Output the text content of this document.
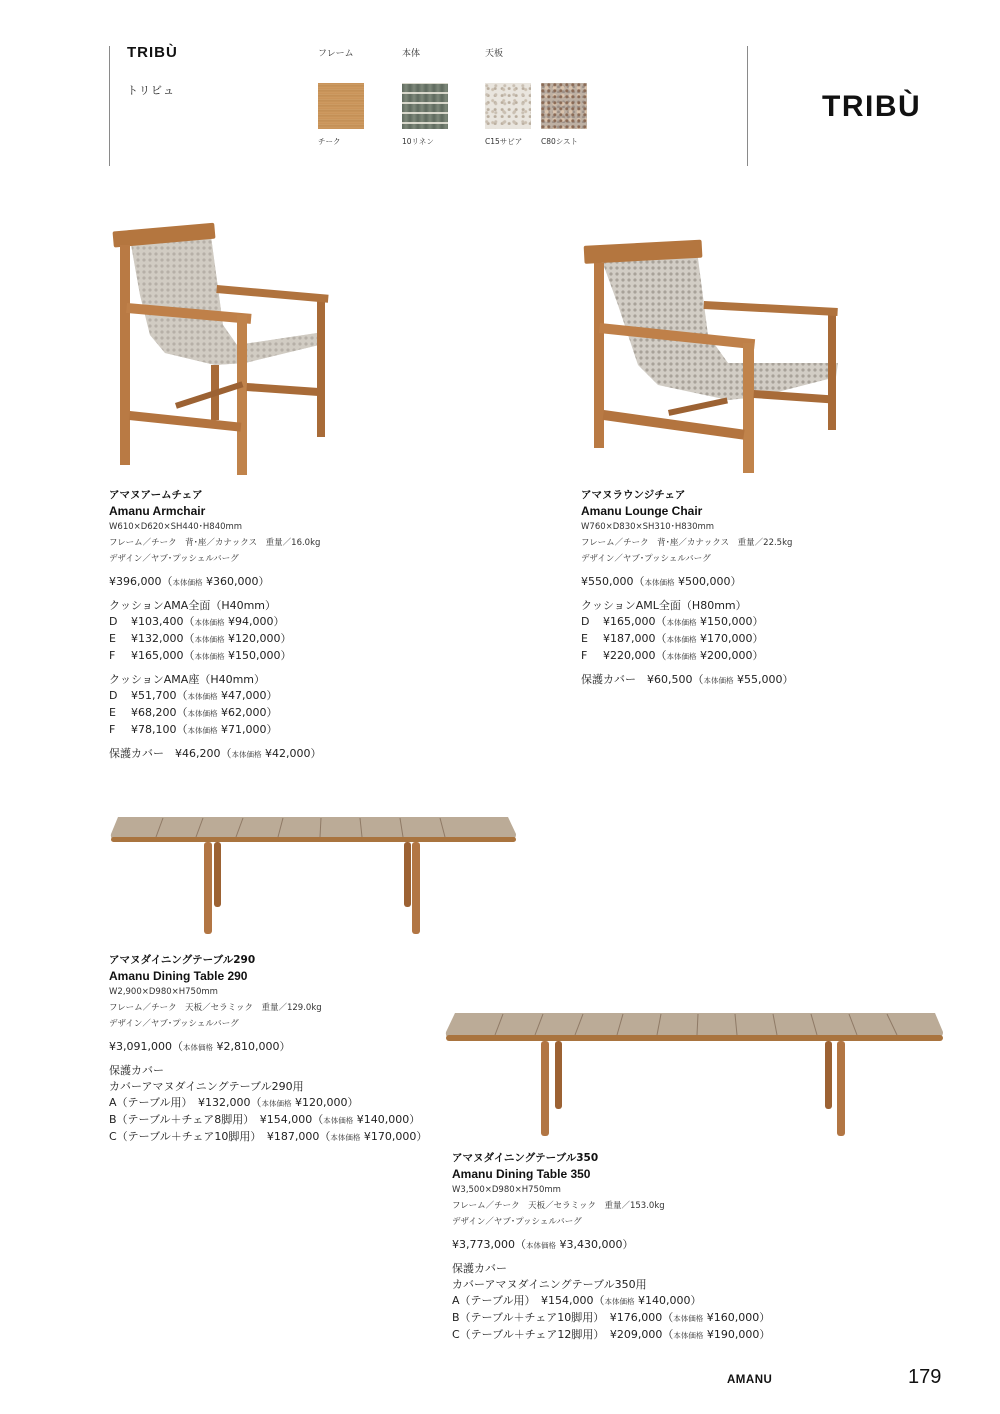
TRIBÙ
トリビュ
フレーム	本体	天板
チーク	10リネン	C15サビア C80シスト
TRIBÙ
アマヌアームチェア
Amanu Armchair
W610×D620×SH440･H840mm
フレーム／チーク　背･座／カナックス　重量／16.0kg
デザイン／ヤブ･プッシェルバーグ
¥396,000（本体価格 ¥360,000）
クッションAMA全面（H40mm）
D ¥103,400（本体価格 ¥94,000）
E ¥132,000（本体価格 ¥120,000）
F ¥165,000（本体価格 ¥150,000）
クッションAMA座（H40mm）
D ¥51,700（本体価格 ¥47,000）
E ¥68,200（本体価格 ¥62,000）
F ¥78,100（本体価格 ¥71,000）
保護カバー　 ¥46,200（本体価格 ¥42,000）
アマヌラウンジチェア
Amanu Lounge Chair
W760×D830×SH310･H830mm
フレーム／チーク　背･座／カナックス　重量／22.5kg
デザイン／ヤブ･プッシェルバーグ
¥550,000（本体価格 ¥500,000）
クッションAML全面（H80mm）
D ¥165,000（本体価格 ¥150,000）
E ¥187,000（本体価格 ¥170,000）
F ¥220,000（本体価格 ¥200,000）
保護カバー　 ¥60,500（本体価格 ¥55,000）
アマヌダイニングテーブル290
Amanu Dining Table 290
W2,900×D980×H750mm
フレーム／チーク　天板／セラミック　重量／129.0kg
デザイン／ヤブ･プッシェルバーグ
¥3,091,000（本体価格 ¥2,810,000）
保護カバー
カバーアマヌダイニングテーブル290用
A（テーブル用）　 ¥132,000（本体価格 ¥120,000）
B（テーブル＋チェア8脚用）　 ¥154,000（本体価格 ¥140,000）
C（テーブル＋チェア10脚用）　 ¥187,000（本体価格 ¥170,000）
アマヌダイニングテーブル350
Amanu Dining Table 350
W3,500×D980×H750mm
フレーム／チーク　天板／セラミック　重量／153.0kg
デザイン／ヤブ･プッシェルバーグ
¥3,773,000（本体価格 ¥3,430,000）
保護カバー
カバーアマヌダイニングテーブル350用
A（テーブル用）　 ¥154,000（本体価格 ¥140,000）
B（テーブル＋チェア10脚用）　 ¥176,000（本体価格 ¥160,000）
C（テーブル＋チェア12脚用）　 ¥209,000（本体価格 ¥190,000）
AMANU	179
